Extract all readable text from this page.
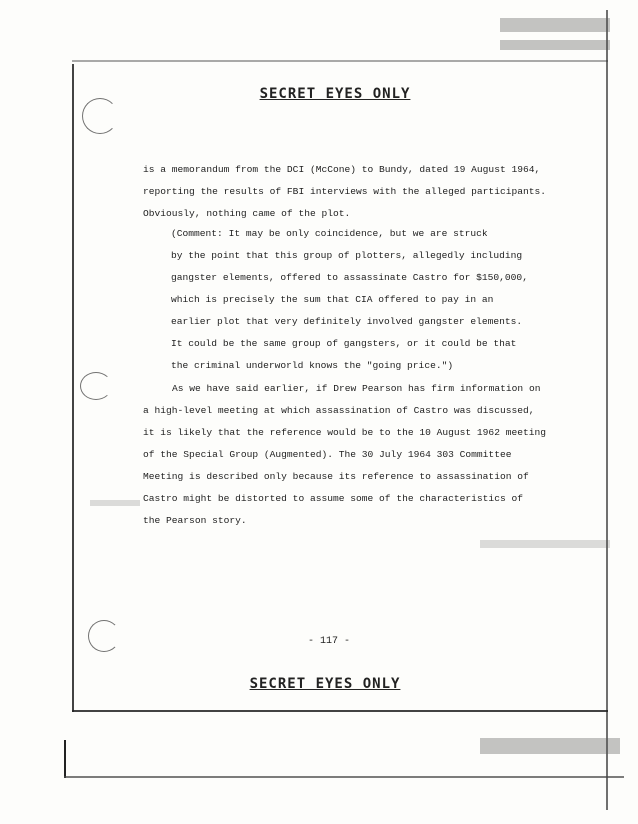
SECRET EYES ONLY
is a memorandum from the DCI (McCone) to Bundy, dated 19 August 1964,
reporting the results of FBI interviews with the alleged participants.
Obviously, nothing came of the plot.
(Comment: It may be only coincidence, but we are struck
by the point that this group of plotters, allegedly including
gangster elements, offered to assassinate Castro for $150,000,
which is precisely the sum that CIA offered to pay in an
earlier plot that very definitely involved gangster elements.
It could be the same group of gangsters, or it could be that
the criminal underworld knows the "going price.")
As we have said earlier, if Drew Pearson has firm information on
a high-level meeting at which assassination of Castro was discussed,
it is likely that the reference would be to the 10 August 1962 meeting
of the Special Group (Augmented). The 30 July 1964 303 Committee
Meeting is described only because its reference to assassination of
Castro might be distorted to assume some of the characteristics of
the Pearson story.
- 117 -
SECRET EYES ONLY
